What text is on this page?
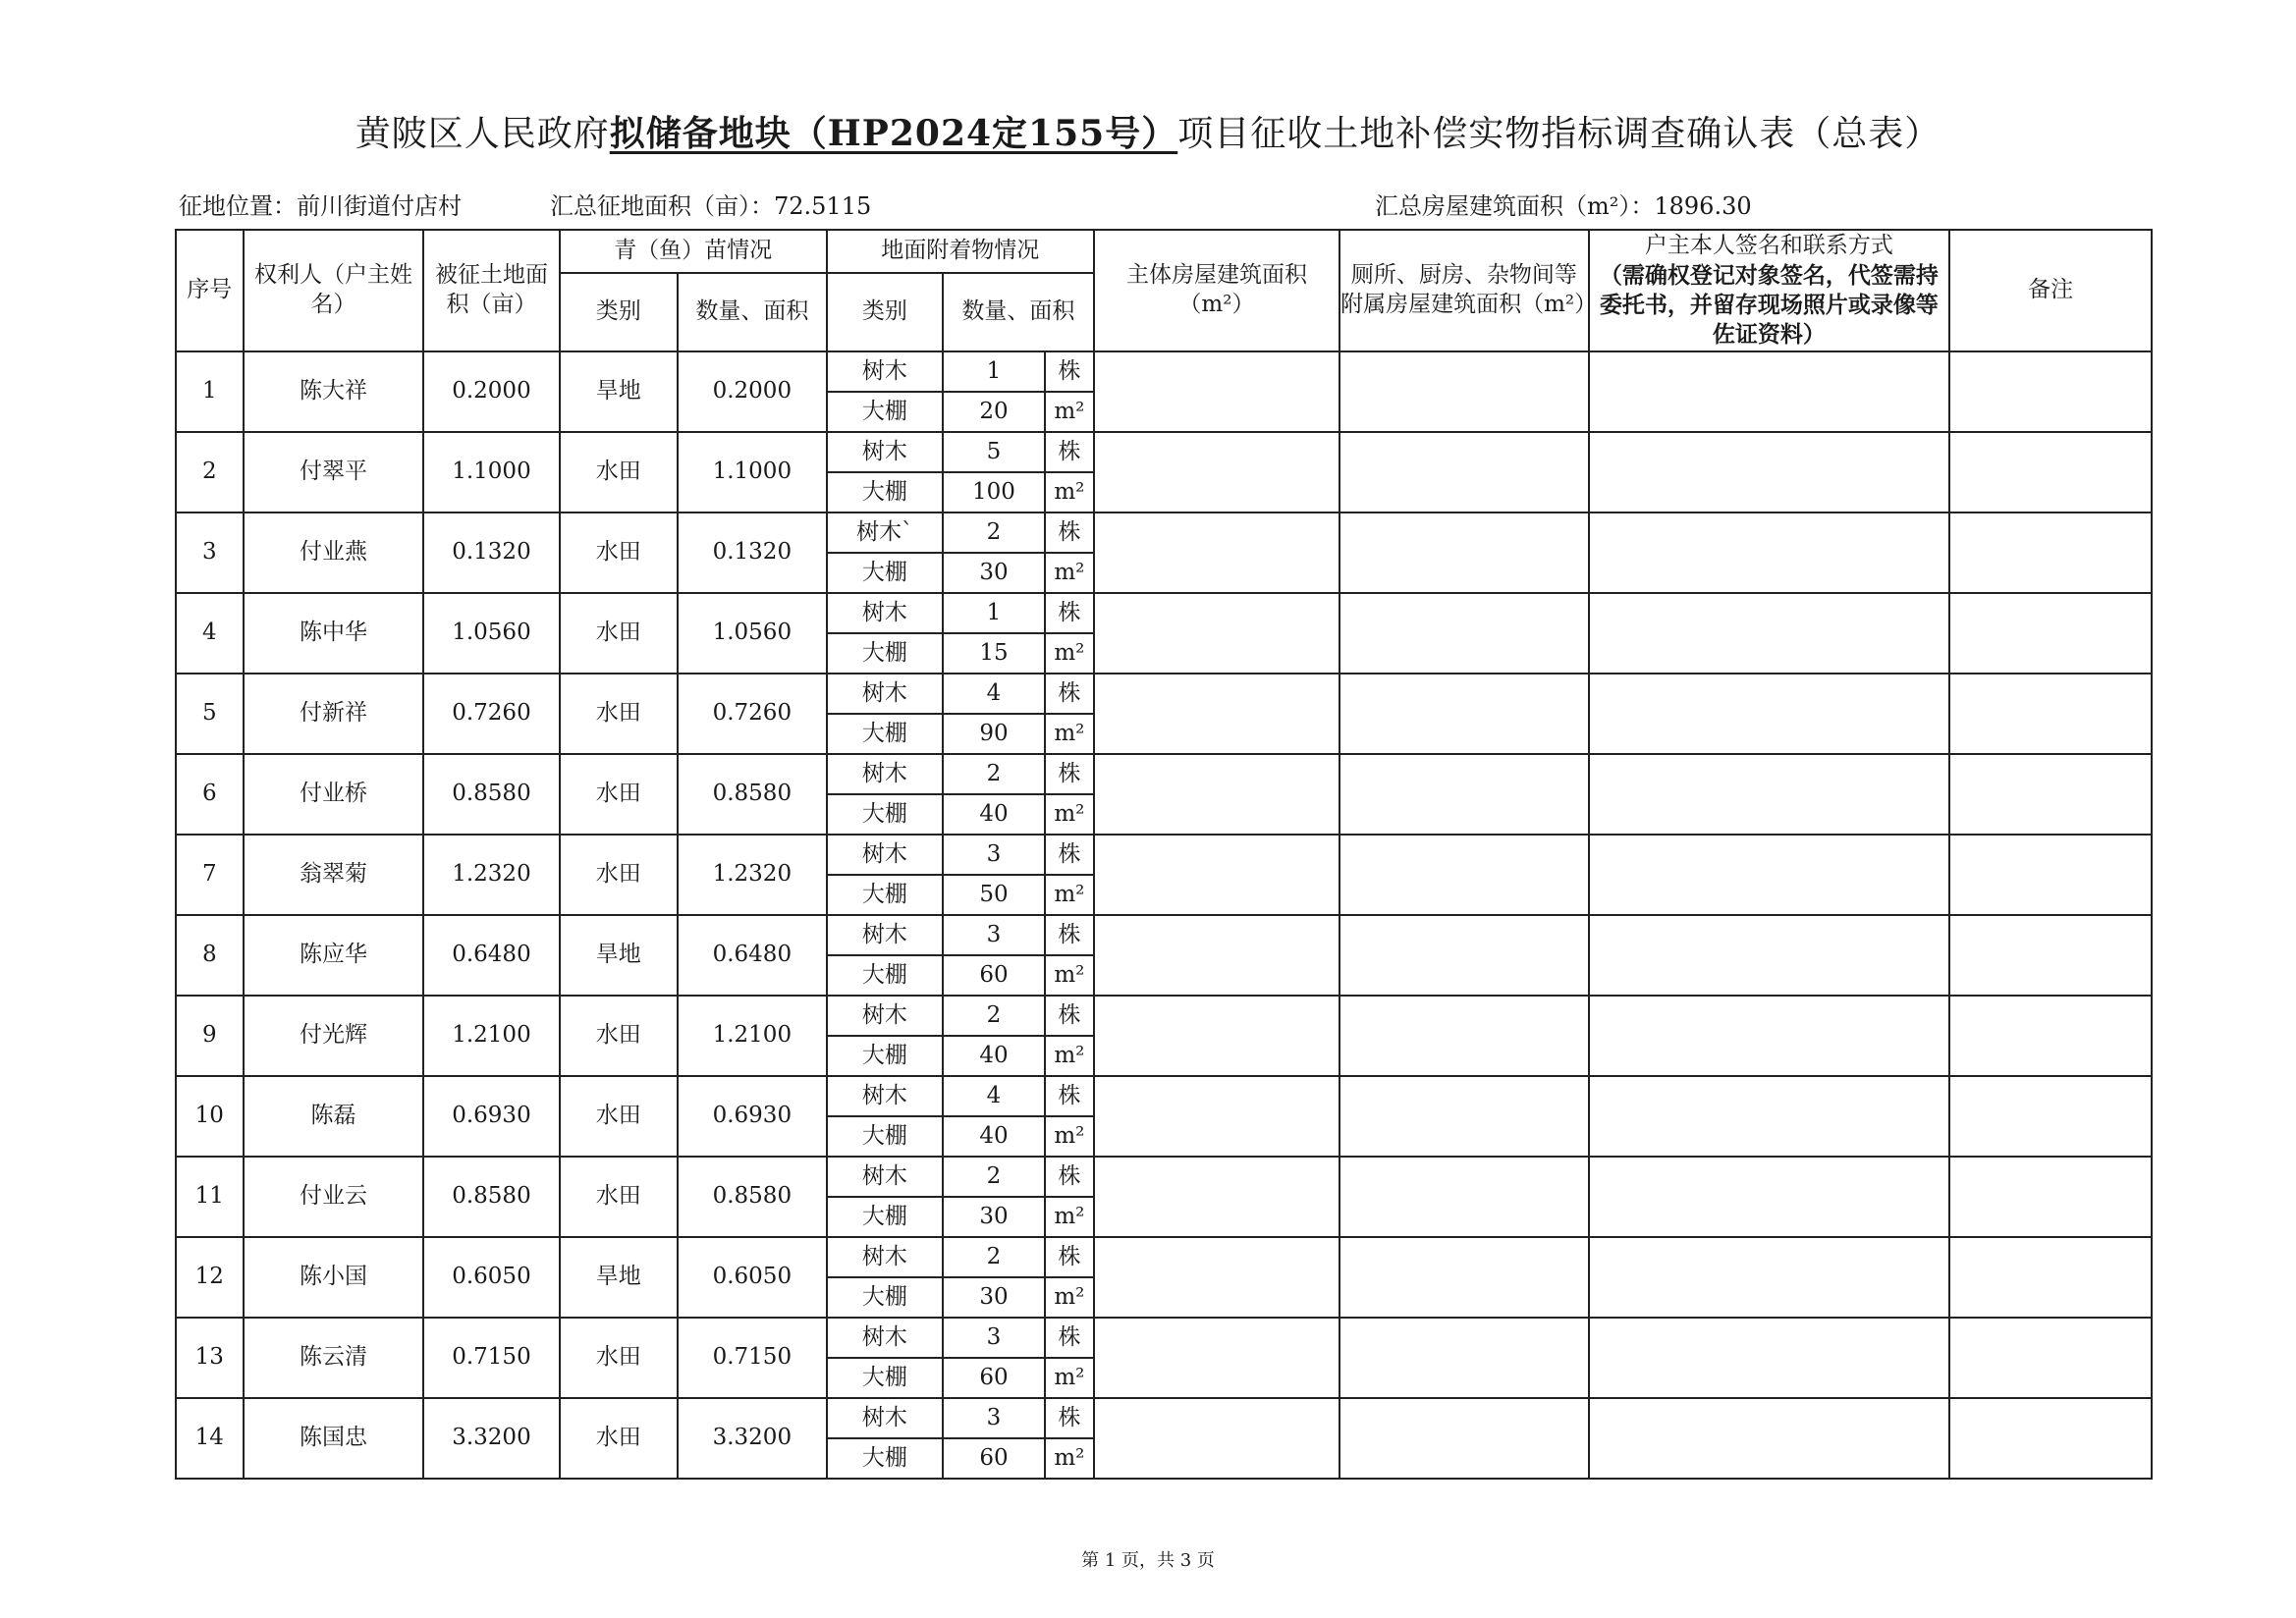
黄陂区人民政府拟储备地块（HP2024定155号）项目征收土地补偿实物指标调查确认表（总表）
征地位置：前川街道付店村	汇总征地面积（亩）：72.5115	汇总房屋建筑面积（m²）：1896.30
序号	权利人（户主姓名）	被征土地面积（亩）	青（鱼）苗情况		地面附着物情况			主体房屋建筑面积（m²）	厕所、厨房、杂物间等附属房屋建筑面积（m²）	户主本人签名和联系方式
（需确权登记对象签名，代签需持委托书，并留存现场照片或录像等佐证资料）	备注
			类别	数量、面积	类别	数量、面积					
1	陈大祥	0.2000	旱地	0.2000	树木	1	株				
					大棚	20	m²				
2	付翠平	1.1000	水田	1.1000	树木	5	株				
					大棚	100	m²				
3	付业燕	0.1320	水田	0.1320	树木`	2	株				
					大棚	30	m²				
4	陈中华	1.0560	水田	1.0560	树木	1	株				
					大棚	15	m²				
5	付新祥	0.7260	水田	0.7260	树木	4	株				
					大棚	90	m²				
6	付业桥	0.8580	水田	0.8580	树木	2	株				
					大棚	40	m²				
7	翁翠菊	1.2320	水田	1.2320	树木	3	株				
					大棚	50	m²				
8	陈应华	0.6480	旱地	0.6480	树木	3	株				
					大棚	60	m²				
9	付光辉	1.2100	水田	1.2100	树木	2	株				
					大棚	40	m²				
10	陈磊	0.6930	水田	0.6930	树木	4	株				
					大棚	40	m²				
11	付业云	0.8580	水田	0.8580	树木	2	株				
					大棚	30	m²				
12	陈小国	0.6050	旱地	0.6050	树木	2	株				
					大棚	30	m²				
13	陈云清	0.7150	水田	0.7150	树木	3	株				
					大棚	60	m²				
14	陈国忠	3.3200	水田	3.3200	树木	3	株				
					大棚	60	m²				
第 1 页，共 3 页
